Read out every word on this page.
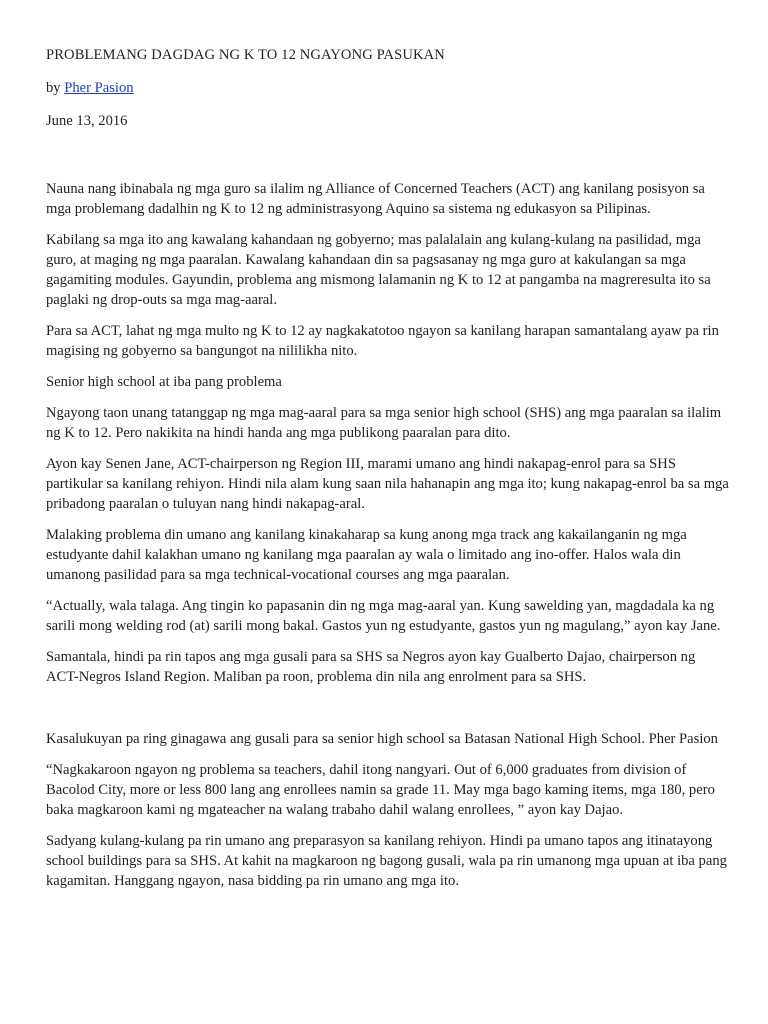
PROBLEMANG DAGDAG NG K TO 12 NGAYONG PASUKAN
by Pher Pasion
June 13, 2016

Nauna nang ibinabala ng mga guro sa ilalim ng Alliance of Concerned Teachers (ACT) ang kanilang posisyon sa mga problemang dadalhin ng K to 12 ng administrasyong Aquino sa sistema ng edukasyon sa Pilipinas.

Kabilang sa mga ito ang kawalang kahandaan ng gobyerno; mas palalalain ang kulang-kulang na pasilidad, mga guro, at maging ng mga paaralan. Kawalang kahandaan din sa pagsasanay ng mga guro at kakulangan sa mga gagamiting modules. Gayundin, problema ang mismong lalamanin ng K to 12 at pangamba na magreresulta ito sa paglaki ng drop-outs sa mga mag-aaral.

Para sa ACT, lahat ng mga multo ng K to 12 ay nagkakatotoo ngayon sa kanilang harapan samantalang ayaw pa rin magising ng gobyerno sa bangungot na nililikha nito.

Senior high school at iba pang problema

Ngayong taon unang tatanggap ng mga mag-aaral para sa mga senior high school (SHS) ang mga paaralan sa ilalim ng K to 12. Pero nakikita na hindi handa ang mga publikong paaralan para dito.

Ayon kay Senen Jane, ACT-chairperson ng Region III, marami umano ang hindi nakapag-enrol para sa SHS partikular sa kanilang rehiyon. Hindi nila alam kung saan nila hahanapin ang mga ito; kung nakapag-enrol ba sa mga pribadong paaralan o tuluyan nang hindi nakapag-aral.

Malaking problema din umano ang kanilang kinakaharap sa kung anong mga track ang kakailanganin ng mga estudyante dahil kalakhan umano ng kanilang mga paaralan ay wala o limitado ang ino-offer. Halos wala din umanong pasilidad para sa mga technical-vocational courses ang mga paaralan.

“Actually, wala talaga. Ang tingin ko papasanin din ng mga mag-aaral yan. Kung sawelding yan, magdadala ka ng sarili mong welding rod (at) sarili mong bakal. Gastos yun ng estudyante, gastos yun ng magulang,” ayon kay Jane.

Samantala, hindi pa rin tapos ang mga gusali para sa SHS sa Negros ayon kay Gualberto Dajao, chairperson ng ACT-Negros Island Region. Maliban pa roon, problema din nila ang enrolment para sa SHS.

Kasalukuyan pa ring ginagawa ang gusali para sa senior high school sa Batasan National High School. Pher Pasion

“Nagkakaroon ngayon ng problema sa teachers, dahil itong nangyari. Out of 6,000 graduates from division of Bacolod City, more or less 800 lang ang enrollees namin sa grade 11. May mga bago kaming items, mga 180, pero baka magkaroon kami ng mgateacher na walang trabaho dahil walang enrollees, ” ayon kay Dajao.

Sadyang kulang-kulang pa rin umano ang preparasyon sa kanilang rehiyon. Hindi pa umano tapos ang itinatayong school buildings para sa SHS. At kahit na magkaroon ng bagong gusali, wala pa rin umanong mga upuan at iba pang kagamitan. Hanggang ngayon, nasa bidding pa rin umano ang mga ito.
